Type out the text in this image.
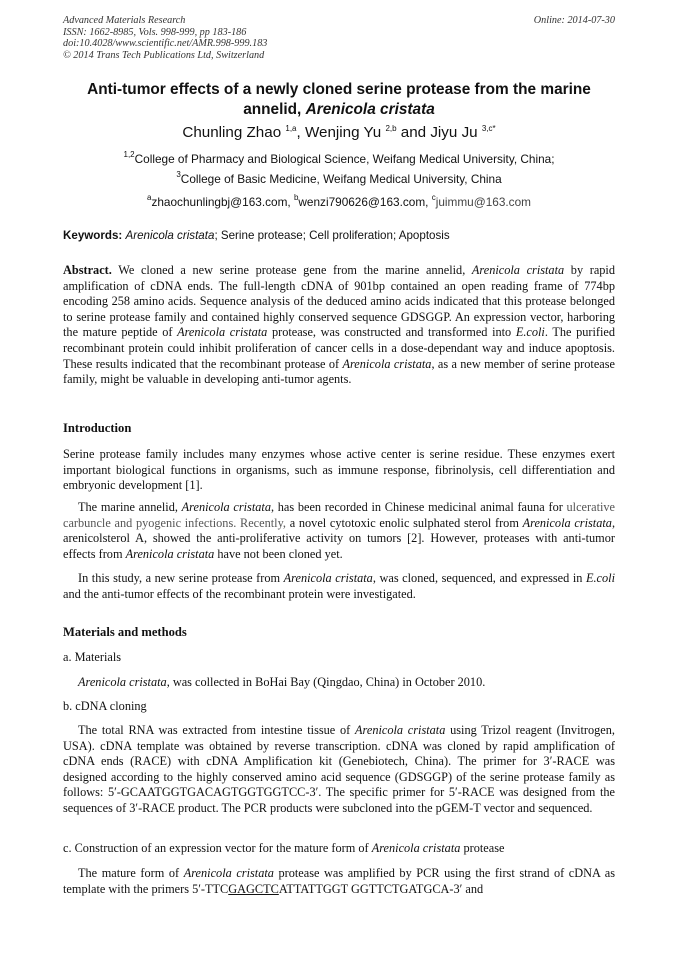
Advanced Materials Research
ISSN: 1662-8985, Vols. 998-999, pp 183-186
doi:10.4028/www.scientific.net/AMR.998-999.183
© 2014 Trans Tech Publications Ltd, Switzerland
Online: 2014-07-30
Anti-tumor effects of a newly cloned serine protease from the marine
annelid, Arenicola cristata
Chunling Zhao $^{1,a}$, Wenjing Yu $^{2,b}$ and Jiyu Ju $^{3,c*}$
$^{1,2}$College of Pharmacy and Biological Science, Weifang Medical University, China;
$^3$College of Basic Medicine, Weifang Medical University, China
$^a$zhaochunlingbj@163.com, $^b$wenzi790626@163.com, $^c$juimmu@163.com
Keywords: Arenicola cristata; Serine protease; Cell proliferation; Apoptosis
Abstract. We cloned a new serine protease gene from the marine annelid, Arenicola cristata by rapid amplification of cDNA ends. The full-length cDNA of 901bp contained an open reading frame of 774bp encoding 258 amino acids. Sequence analysis of the deduced amino acids indicated that this protease belonged to serine protease family and contained highly conserved sequence GDSGGP. An expression vector, harboring the mature peptide of Arenicola cristata protease, was constructed and transformed into E.coli. The purified recombinant protein could inhibit proliferation of cancer cells in a dose-dependant way and induce apoptosis. These results indicated that the recombinant protease of Arenicola cristata, as a new member of serine protease family, might be valuable in developing anti-tumor agents.
Introduction
Serine protease family includes many enzymes whose active center is serine residue. These enzymes exert important biological functions in organisms, such as immune response, fibrinolysis, cell differentiation and embryonic development [1].
The marine annelid, Arenicola cristata, has been recorded in Chinese medicinal animal fauna for ulcerative carbuncle and pyogenic infections. Recently, a novel cytotoxic enolic sulphated sterol from Arenicola cristata, arenicolsterol A, showed the anti-proliferative activity on tumors [2]. However, proteases with anti-tumor effects from Arenicola cristata have not been cloned yet.
In this study, a new serine protease from Arenicola cristata, was cloned, sequenced, and expressed in E.coli and the anti-tumor effects of the recombinant protein were investigated.
Materials and methods
a. Materials
Arenicola cristata, was collected in BoHai Bay (Qingdao, China) in October 2010.
b. cDNA cloning
The total RNA was extracted from intestine tissue of Arenicola cristata using Trizol reagent (Invitrogen, USA). cDNA template was obtained by reverse transcription. cDNA was cloned by rapid amplification of cDNA ends (RACE) with cDNA Amplification kit (Genebiotech, China). The primer for 3′-RACE was designed according to the highly conserved amino acid sequence (GDSGGP) of the serine protease family as follows: 5′-GCAATGGTGACAGTGGTGGTCC-3′. The specific primer for 5′-RACE was designed from the sequences of 3′-RACE product. The PCR products were subcloned into the pGEM-T vector and sequenced.
c. Construction of an expression vector for the mature form of Arenicola cristata protease
The mature form of Arenicola cristata protease was amplified by PCR using the first strand of cDNA as template with the primers 5′-TTCGAGCTCATTATTGGT GGTTCTGATGCA-3′ and
